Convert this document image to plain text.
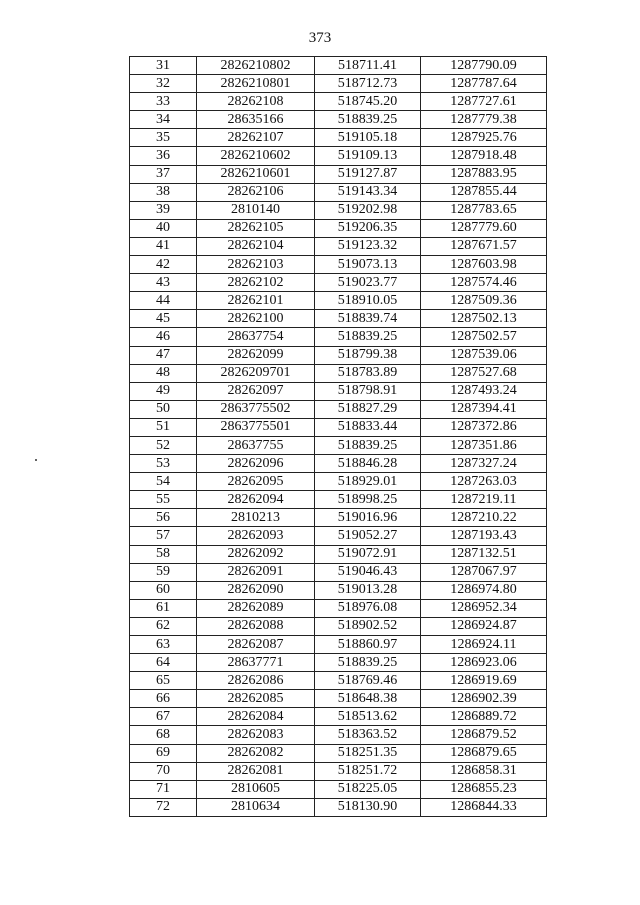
373
31	2826210802	518711.41	1287790.09
32	2826210801	518712.73	1287787.64
33	28262108	518745.20	1287727.61
34	28635166	518839.25	1287779.38
35	28262107	519105.18	1287925.76
36	2826210602	519109.13	1287918.48
37	2826210601	519127.87	1287883.95
38	28262106	519143.34	1287855.44
39	2810140	519202.98	1287783.65
40	28262105	519206.35	1287779.60
41	28262104	519123.32	1287671.57
42	28262103	519073.13	1287603.98
43	28262102	519023.77	1287574.46
44	28262101	518910.05	1287509.36
45	28262100	518839.74	1287502.13
46	28637754	518839.25	1287502.57
47	28262099	518799.38	1287539.06
48	2826209701	518783.89	1287527.68
49	28262097	518798.91	1287493.24
50	2863775502	518827.29	1287394.41
51	2863775501	518833.44	1287372.86
52	28637755	518839.25	1287351.86
53	28262096	518846.28	1287327.24
54	28262095	518929.01	1287263.03
55	28262094	518998.25	1287219.11
56	2810213	519016.96	1287210.22
57	28262093	519052.27	1287193.43
58	28262092	519072.91	1287132.51
59	28262091	519046.43	1287067.97
60	28262090	519013.28	1286974.80
61	28262089	518976.08	1286952.34
62	28262088	518902.52	1286924.87
63	28262087	518860.97	1286924.11
64	28637771	518839.25	1286923.06
65	28262086	518769.46	1286919.69
66	28262085	518648.38	1286902.39
67	28262084	518513.62	1286889.72
68	28262083	518363.52	1286879.52
69	28262082	518251.35	1286879.65
70	28262081	518251.72	1286858.31
71	2810605	518225.05	1286855.23
72	2810634	518130.90	1286844.33
